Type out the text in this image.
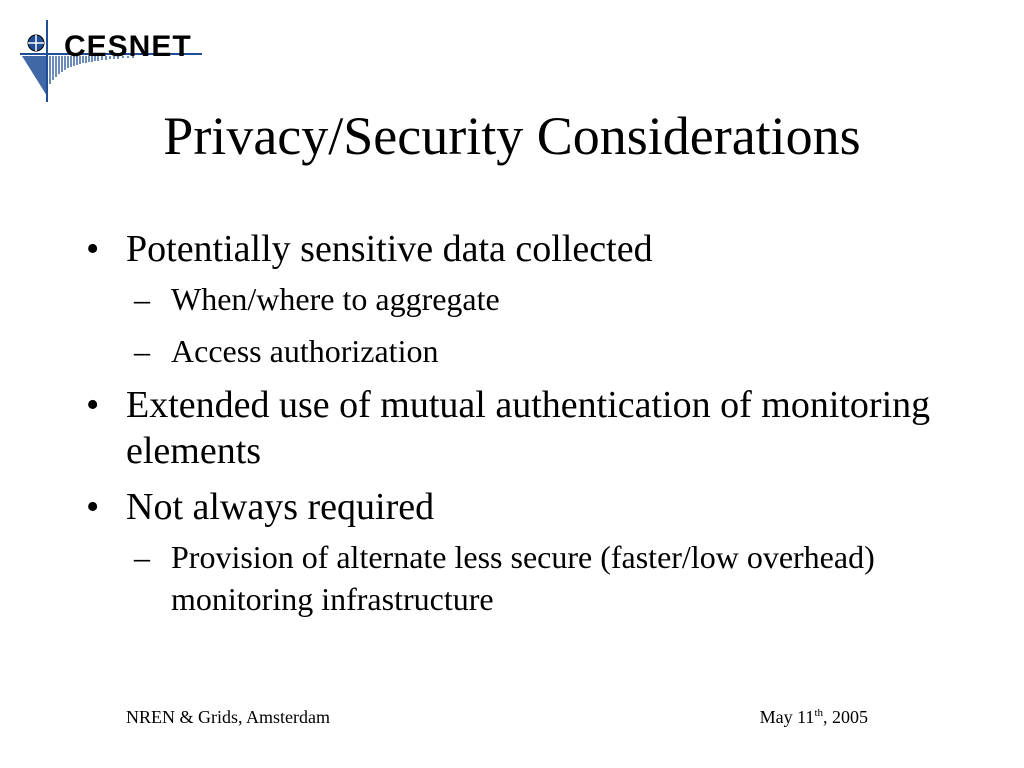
CESNET
Privacy/Security Considerations
• Potentially sensitive data collected
– When/where to aggregate
– Access authorization
• Extended use of mutual authentication of monitoring elements
• Not always required
– Provision of alternate less secure (faster/low overhead) monitoring infrastructure
NREN & Grids, Amsterdam	May 11th, 2005
